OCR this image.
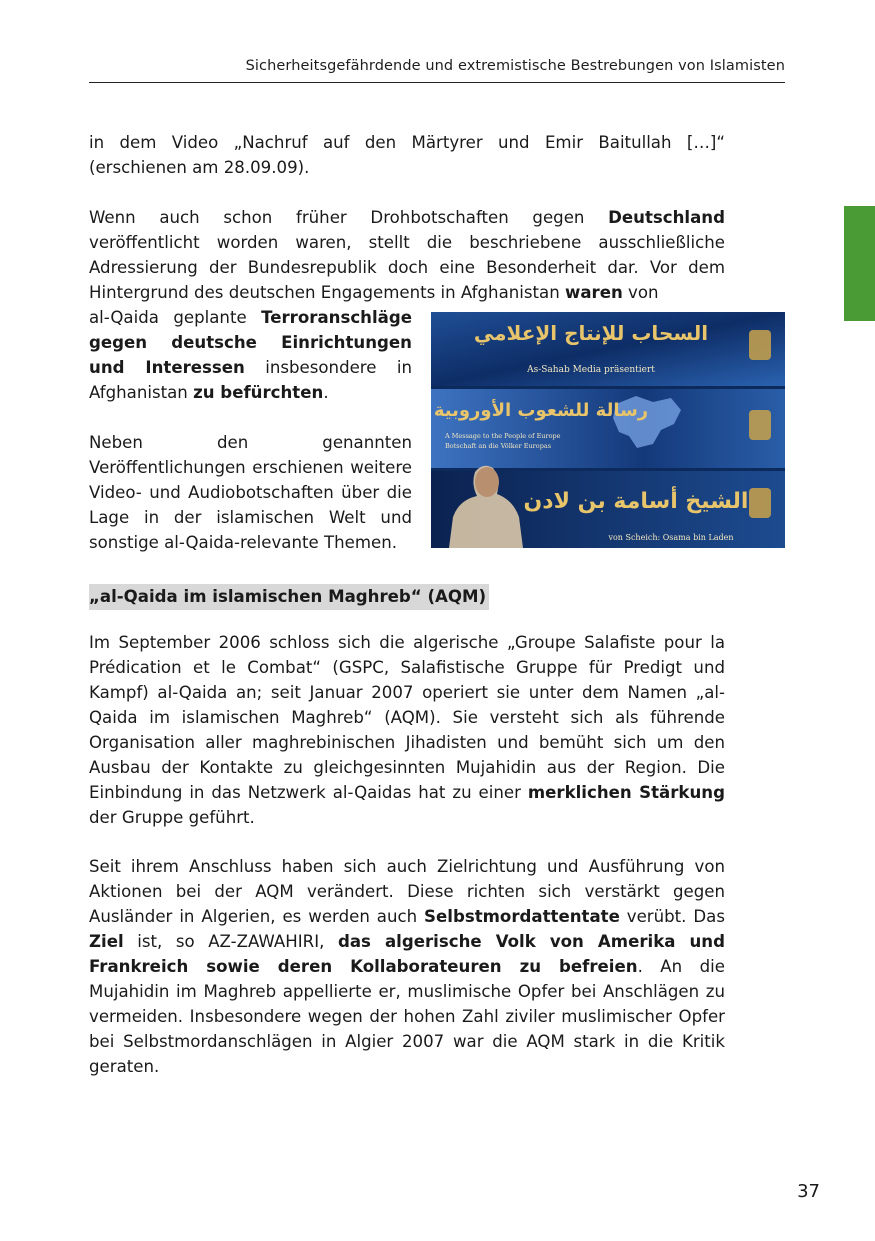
Sicherheitsgefährdende und extremistische Bestrebungen von Islamisten

in dem Video „Nachruf auf den Märtyrer und Emir Baitullah […]“ (erschienen am 28.09.09).

Wenn auch schon früher Drohbotschaften gegen Deutschland veröffentlicht worden waren, stellt die beschriebene ausschließliche Adressierung der Bundesrepublik doch eine Besonderheit dar. Vor dem Hintergrund des deutschen Engagements in Afghanistan waren von

al-Qaida geplante Terroranschläge gegen deutsche Einrichtungen und Interessen insbesondere in Afghanistan zu befürchten.

Neben den genannten Veröffentlichungen erschienen weitere Video- und Audiobotschaften über die Lage in der islamischen Welt und sonstige al-Qaida-relevante Themen.

السحاب للإنتاج الإعلامي
As-Sahab Media präsentiert
رسالة للشعوب الأوروبية
A Message to the People of Europe
Botschaft an die Völker Europas
الشيخ أسامة بن لادن
von Scheich: Osama bin Laden
„al-Qaida im islamischen Maghreb“ (AQM)

Im September 2006 schloss sich die algerische „Groupe Salafiste pour la Prédication et le Combat“ (GSPC, Salafistische Gruppe für Predigt und Kampf) al-Qaida an; seit Januar 2007 operiert sie unter dem Namen „al-Qaida im islamischen Maghreb“ (AQM). Sie versteht sich als führende Organisation aller maghrebinischen Jihadisten und bemüht sich um den Ausbau der Kontakte zu gleichgesinnten Mujahidin aus der Region. Die Einbindung in das Netzwerk al-Qaidas hat zu einer merklichen Stärkung der Gruppe geführt.

Seit ihrem Anschluss haben sich auch Zielrichtung und Ausführung von Aktionen bei der AQM verändert. Diese richten sich verstärkt gegen Ausländer in Algerien, es werden auch Selbstmordattentate verübt. Das Ziel ist, so AZ-ZAWAHIRI, das algerische Volk von Amerika und Frankreich sowie deren Kollaborateuren zu befreien. An die Mujahidin im Maghreb appellierte er, muslimische Opfer bei Anschlägen zu vermeiden. Insbesondere wegen der hohen Zahl ziviler muslimischer Opfer bei Selbstmordanschlägen in Algier 2007 war die AQM stark in die Kritik geraten.

37
